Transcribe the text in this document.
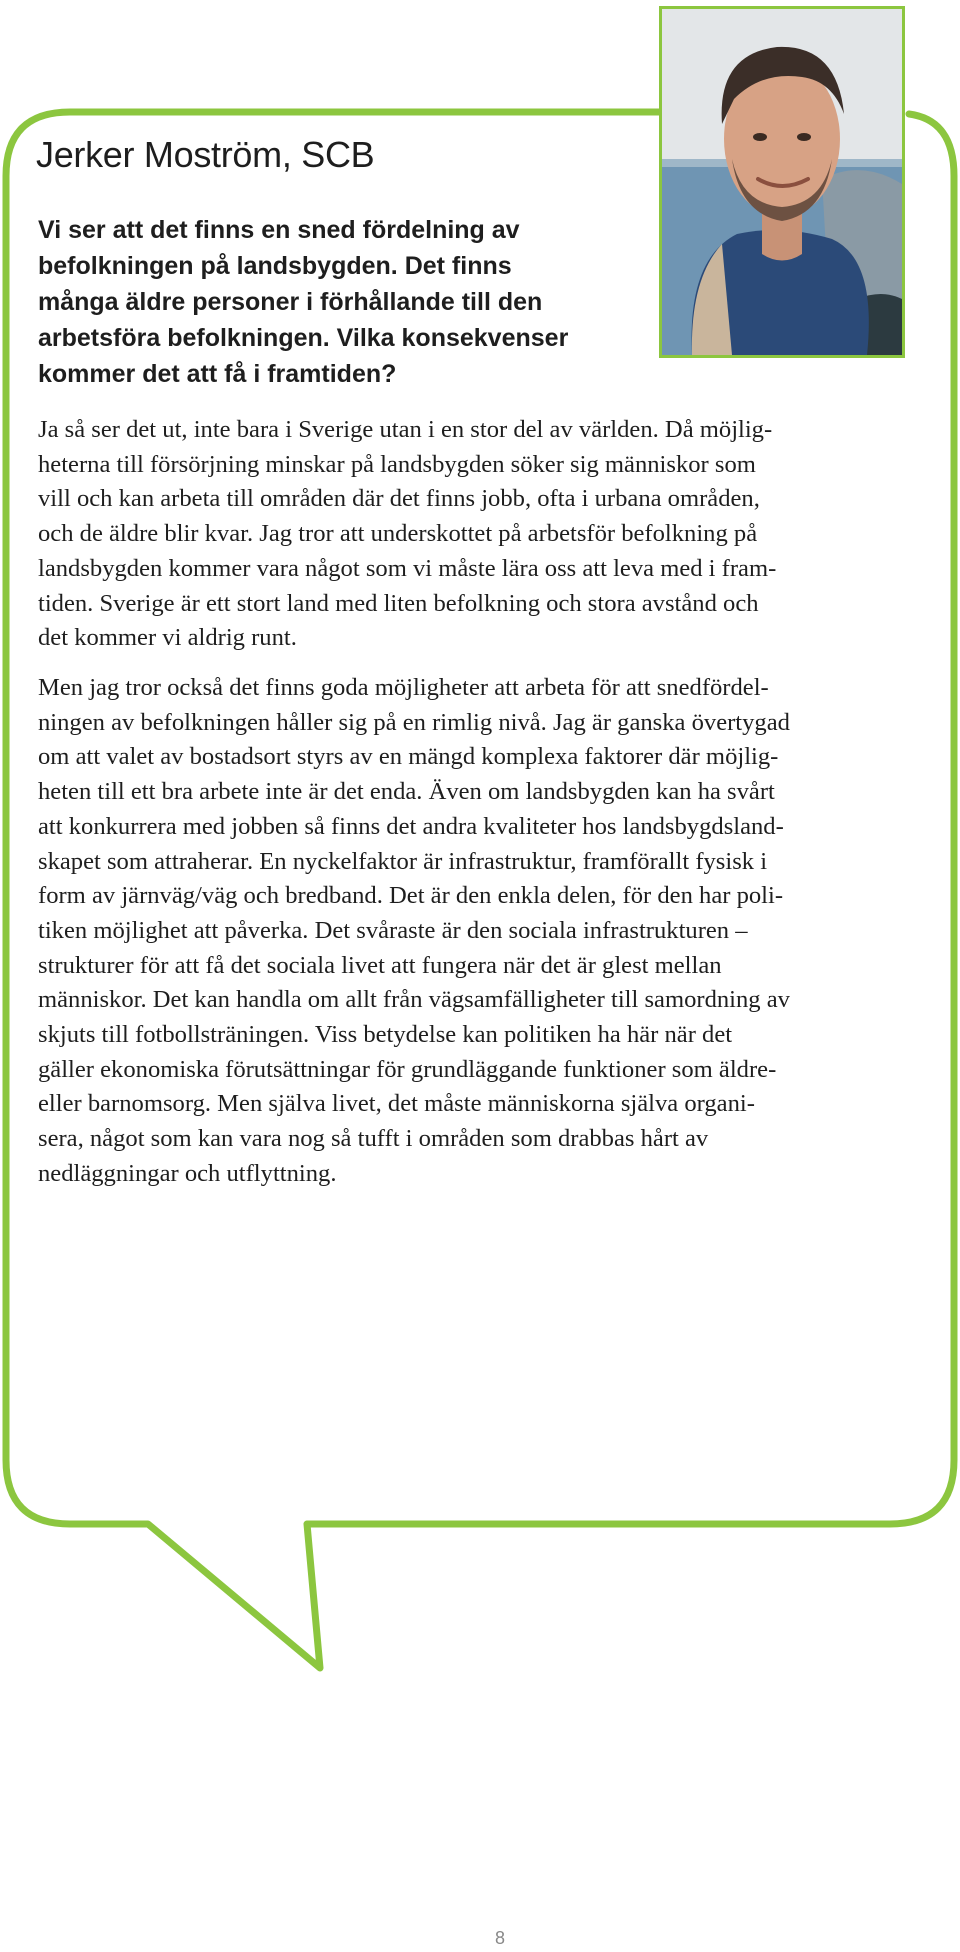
Jerker Moström, SCB
Vi ser att det finns en sned fördelning av
befolkningen på landsbygden. Det finns
många äldre personer i förhållande till den
arbetsföra befolkningen. Vilka konsekvenser
kommer det att få i framtiden?
Ja så ser det ut, inte bara i Sverige utan i en stor del av världen. Då möjlig-
heterna till försörjning minskar på landsbygden söker sig människor som
vill och kan arbeta till områden där det finns jobb, ofta i urbana områden,
och de äldre blir kvar. Jag tror att underskottet på arbetsför befolkning på
landsbygden kommer vara något som vi måste lära oss att leva med i fram-
tiden. Sverige är ett stort land med liten befolkning och stora avstånd och
det kommer vi aldrig runt.
Men jag tror också det finns goda möjligheter att arbeta för att snedfördel-
ningen av befolkningen håller sig på en rimlig nivå. Jag är ganska övertygad
om att valet av bostadsort styrs av en mängd komplexa faktorer där möjlig-
heten till ett bra arbete inte är det enda. Även om landsbygden kan ha svårt
att konkurrera med jobben så finns det andra kvaliteter hos landsbygdsland-
skapet som attraherar. En nyckelfaktor är infrastruktur, framförallt fysisk i
form av järnväg/väg och bredband. Det är den enkla delen, för den har poli-
tiken möjlighet att påverka. Det svåraste är den sociala infrastrukturen –
strukturer för att få det sociala livet att fungera när det är glest mellan
människor. Det kan handla om allt från vägsamfälligheter till samordning av
skjuts till fotbollsträningen. Viss betydelse kan politiken ha här när det
gäller ekonomiska förutsättningar för grundläggande funktioner som äldre-
eller barnomsorg. Men själva livet, det måste människorna själva organi-
sera, något som kan vara nog så tufft i områden som drabbas hårt av
nedläggningar och utflyttning.
8
